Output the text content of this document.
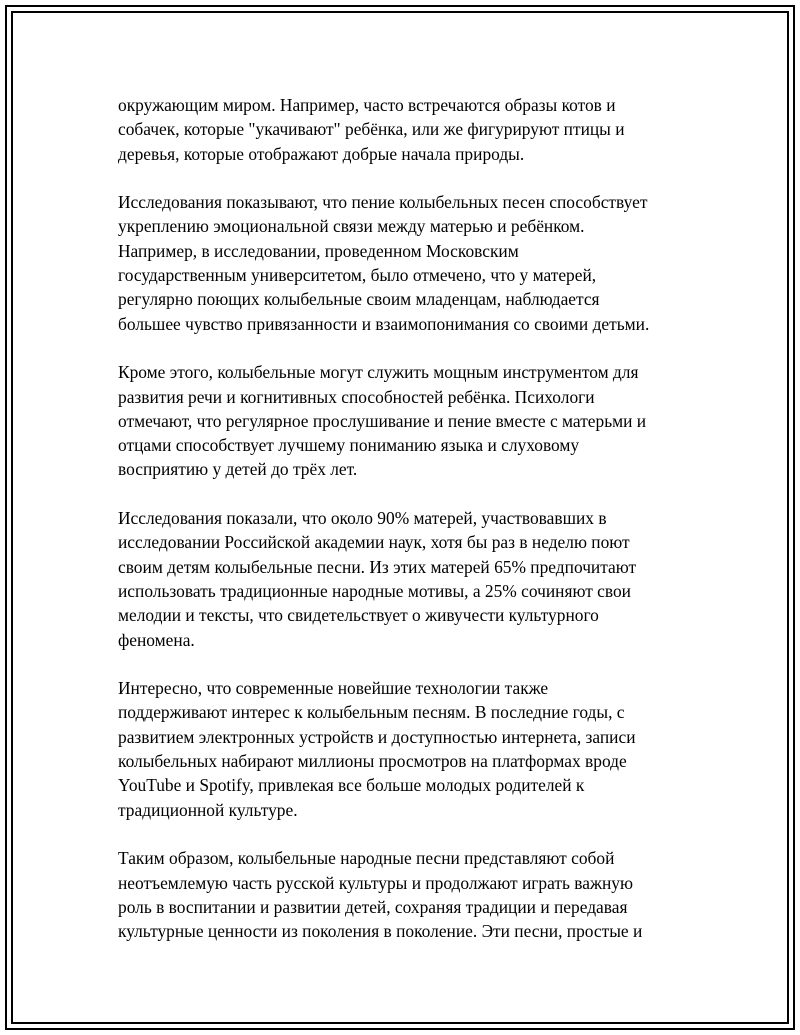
окружающим миром. Например, часто встречаются образы котов и
собачек, которые "укачивают" ребёнка, или же фигурируют птицы и
деревья, которые отображают добрые начала природы.

Исследования показывают, что пение колыбельных песен способствует
укреплению эмоциональной связи между матерью и ребёнком.
Например, в исследовании, проведенном Московским
государственным университетом, было отмечено, что у матерей,
регулярно поющих колыбельные своим младенцам, наблюдается
большее чувство привязанности и взаимопонимания со своими детьми.

Кроме этого, колыбельные могут служить мощным инструментом для
развития речи и когнитивных способностей ребёнка. Психологи
отмечают, что регулярное прослушивание и пение вместе с матерьми и
отцами способствует лучшему пониманию языка и слуховому
восприятию у детей до трёх лет.

Исследования показали, что около 90% матерей, участвовавших в
исследовании Российской академии наук, хотя бы раз в неделю поют
своим детям колыбельные песни. Из этих матерей 65% предпочитают
использовать традиционные народные мотивы, а 25% сочиняют свои
мелодии и тексты, что свидетельствует о живучести культурного
феномена.

Интересно, что современные новейшие технологии также
поддерживают интерес к колыбельным песням. В последние годы, с
развитием электронных устройств и доступностью интернета, записи
колыбельных набирают миллионы просмотров на платформах вроде
YouTube и Spotify, привлекая все больше молодых родителей к
традиционной культуре.

Таким образом, колыбельные народные песни представляют собой
неотъемлемую часть русской культуры и продолжают играть важную
роль в воспитании и развитии детей, сохраняя традиции и передавая
культурные ценности из поколения в поколение. Эти песни, простые и
